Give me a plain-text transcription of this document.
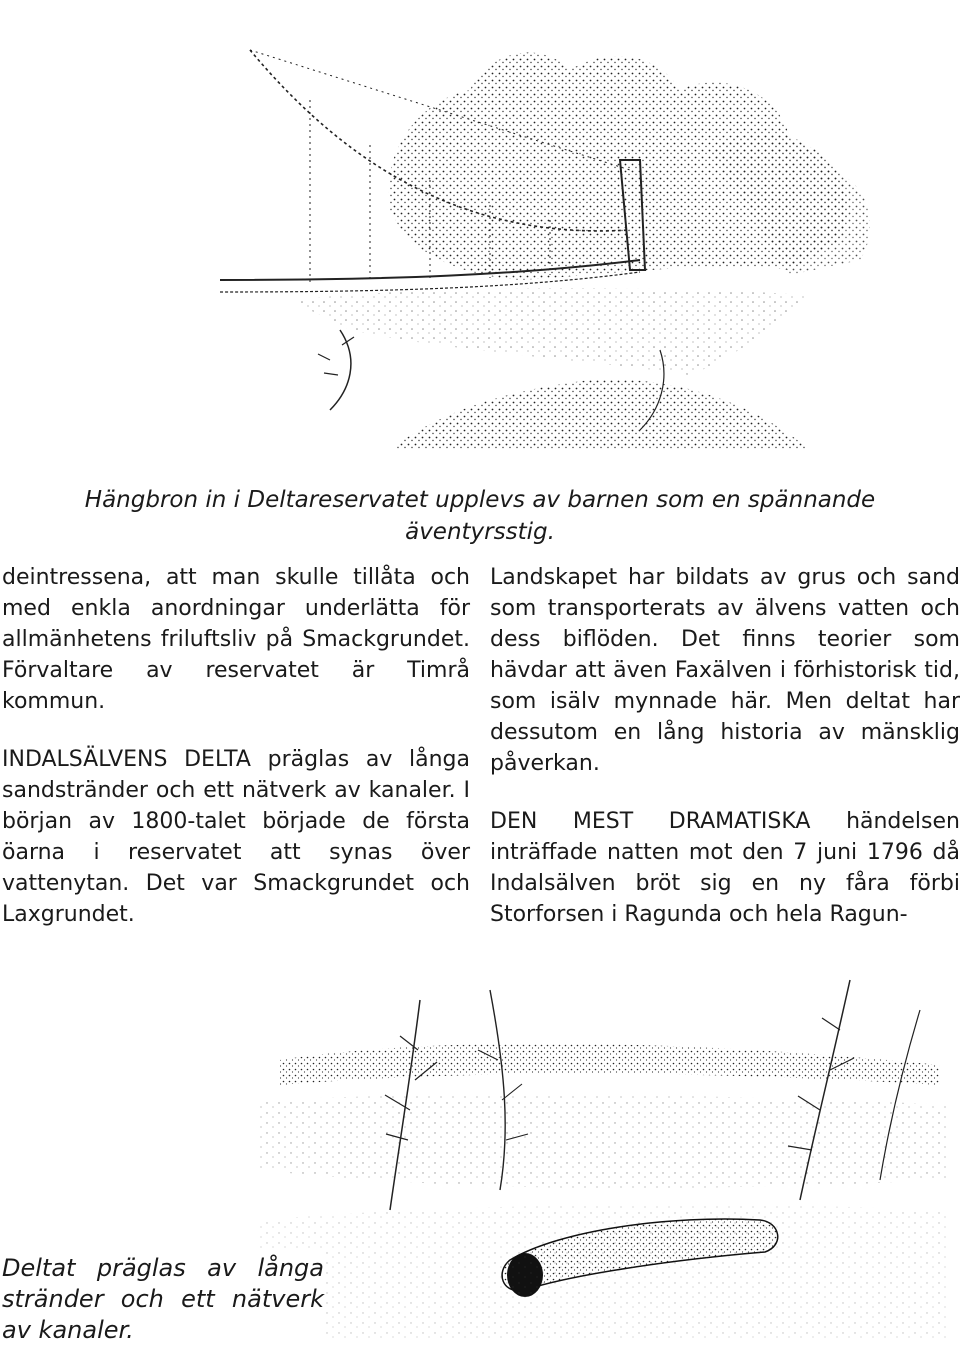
Hängbron in i Deltareservatet upplevs av barnen som en spännande äventyrsstig.

deintressena, att man skulle tillåta och med enkla anordningar underlätta för allmänhetens friluftsliv på Smackgrundet. Förvaltare av reservatet är Timrå kommun.

INDALSÄLVENS DELTA präglas av långa sandstränder och ett nätverk av kanaler. I början av 1800-talet började de första öarna i reservatet att synas över vattenytan. Det var Smackgrundet och Laxgrundet.

Landskapet har bildats av grus och sand som transporterats av älvens vatten och dess biflöden. Det finns teorier som hävdar att även Faxälven i förhistorisk tid, som isälv mynnade här. Men deltat har dessutom en lång historia av mänsklig påverkan.

DEN MEST DRAMATISKA händelsen inträffade natten mot den 7 juni 1796 då Indalsälven bröt sig en ny fåra förbi Storforsen i Ragunda och hela Ragun-

Deltat präglas av långa stränder och ett nätverk av kanaler.
